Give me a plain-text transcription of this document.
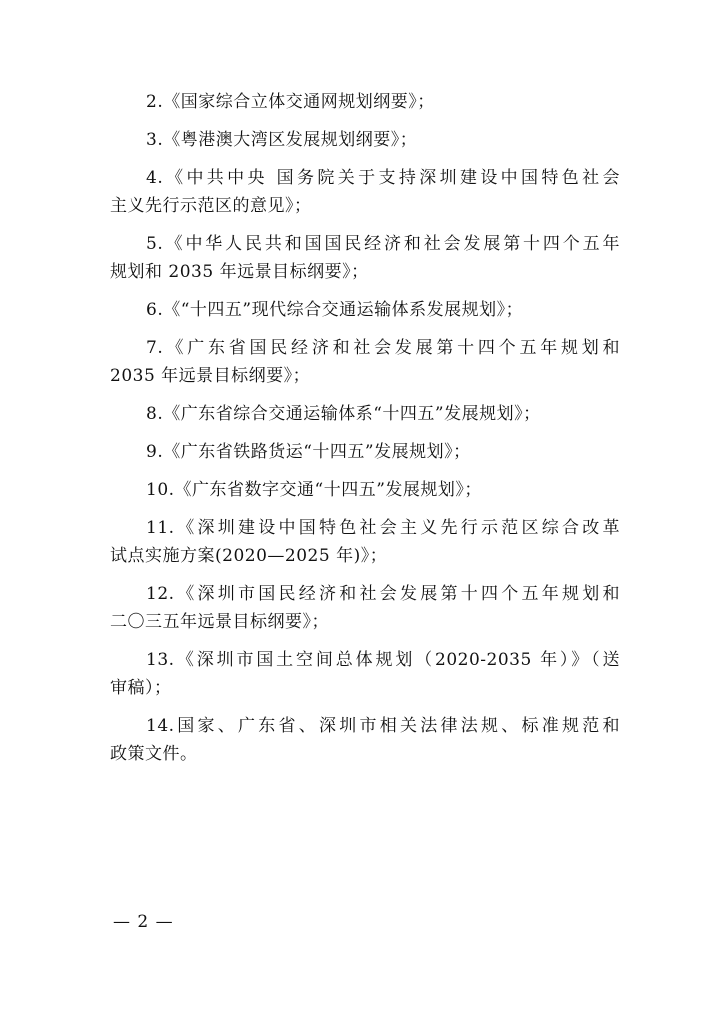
2.《国家综合立体交通网规划纲要》；
3.《粤港澳大湾区发展规划纲要》；
4.《中共中央 国务院关于支持深圳建设中国特色社会
主义先行示范区的意见》；
5.《中华人民共和国国民经济和社会发展第十四个五年
规划和 2035 年远景目标纲要》；
6.《“十四五”现代综合交通运输体系发展规划》；
7.《广东省国民经济和社会发展第十四个五年规划和
2035 年远景目标纲要》；
8.《广东省综合交通运输体系“十四五”发展规划》；
9.《广东省铁路货运“十四五”发展规划》；
10.《广东省数字交通“十四五”发展规划》；
11.《深圳建设中国特色社会主义先行示范区综合改革
试点实施方案(2020—2025 年)》；
12.《深圳市国民经济和社会发展第十四个五年规划和
二〇三五年远景目标纲要》；
13.《深圳市国土空间总体规划（2020-2035 年）》（送
审稿）；
14.国家、广东省、深圳市相关法律法规、标准规范和
政策文件。
— 2 —
